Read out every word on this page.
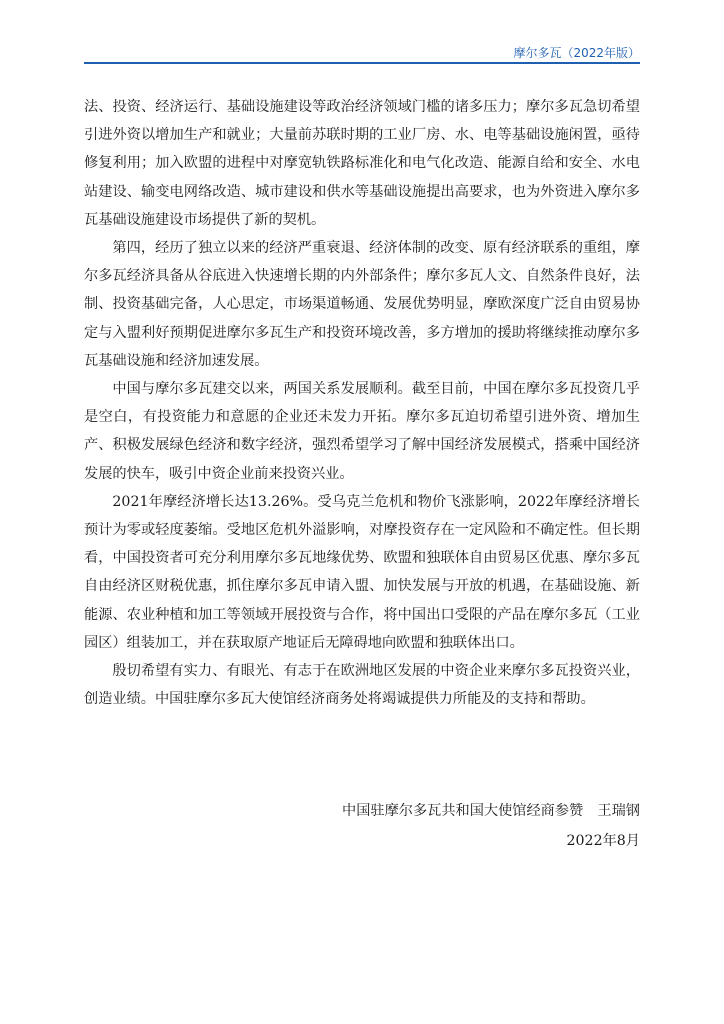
摩尔多瓦（2022年版）

法、投资、经济运行、基础设施建设等政治经济领域门槛的诸多压力；摩尔多瓦急切希望引进外资以增加生产和就业；大量前苏联时期的工业厂房、水、电等基础设施闲置，亟待修复利用；加入欧盟的进程中对摩宽轨铁路标准化和电气化改造、能源自给和安全、水电站建设、输变电网络改造、城市建设和供水等基础设施提出高要求，也为外资进入摩尔多瓦基础设施建设市场提供了新的契机。

第四，经历了独立以来的经济严重衰退、经济体制的改变、原有经济联系的重组，摩尔多瓦经济具备从谷底进入快速增长期的内外部条件；摩尔多瓦人文、自然条件良好，法制、投资基础完备，人心思定，市场渠道畅通、发展优势明显，摩欧深度广泛自由贸易协定与入盟利好预期促进摩尔多瓦生产和投资环境改善，多方增加的援助将继续推动摩尔多瓦基础设施和经济加速发展。

中国与摩尔多瓦建交以来，两国关系发展顺利。截至目前，中国在摩尔多瓦投资几乎是空白，有投资能力和意愿的企业还未发力开拓。摩尔多瓦迫切希望引进外资、增加生产、积极发展绿色经济和数字经济，强烈希望学习了解中国经济发展模式，搭乘中国经济发展的快车，吸引中资企业前来投资兴业。

2021年摩经济增长达13.26%。受乌克兰危机和物价飞涨影响，2022年摩经济增长预计为零或轻度萎缩。受地区危机外溢影响，对摩投资存在一定风险和不确定性。但长期看，中国投资者可充分利用摩尔多瓦地缘优势、欧盟和独联体自由贸易区优惠、摩尔多瓦自由经济区财税优惠，抓住摩尔多瓦申请入盟、加快发展与开放的机遇，在基础设施、新能源、农业种植和加工等领域开展投资与合作，将中国出口受限的产品在摩尔多瓦（工业园区）组装加工，并在获取原产地证后无障碍地向欧盟和独联体出口。

殷切希望有实力、有眼光、有志于在欧洲地区发展的中资企业来摩尔多瓦投资兴业，创造业绩。中国驻摩尔多瓦大使馆经济商务处将竭诚提供力所能及的支持和帮助。

中国驻摩尔多瓦共和国大使馆经商参赞　王瑞钢
2022年8月
